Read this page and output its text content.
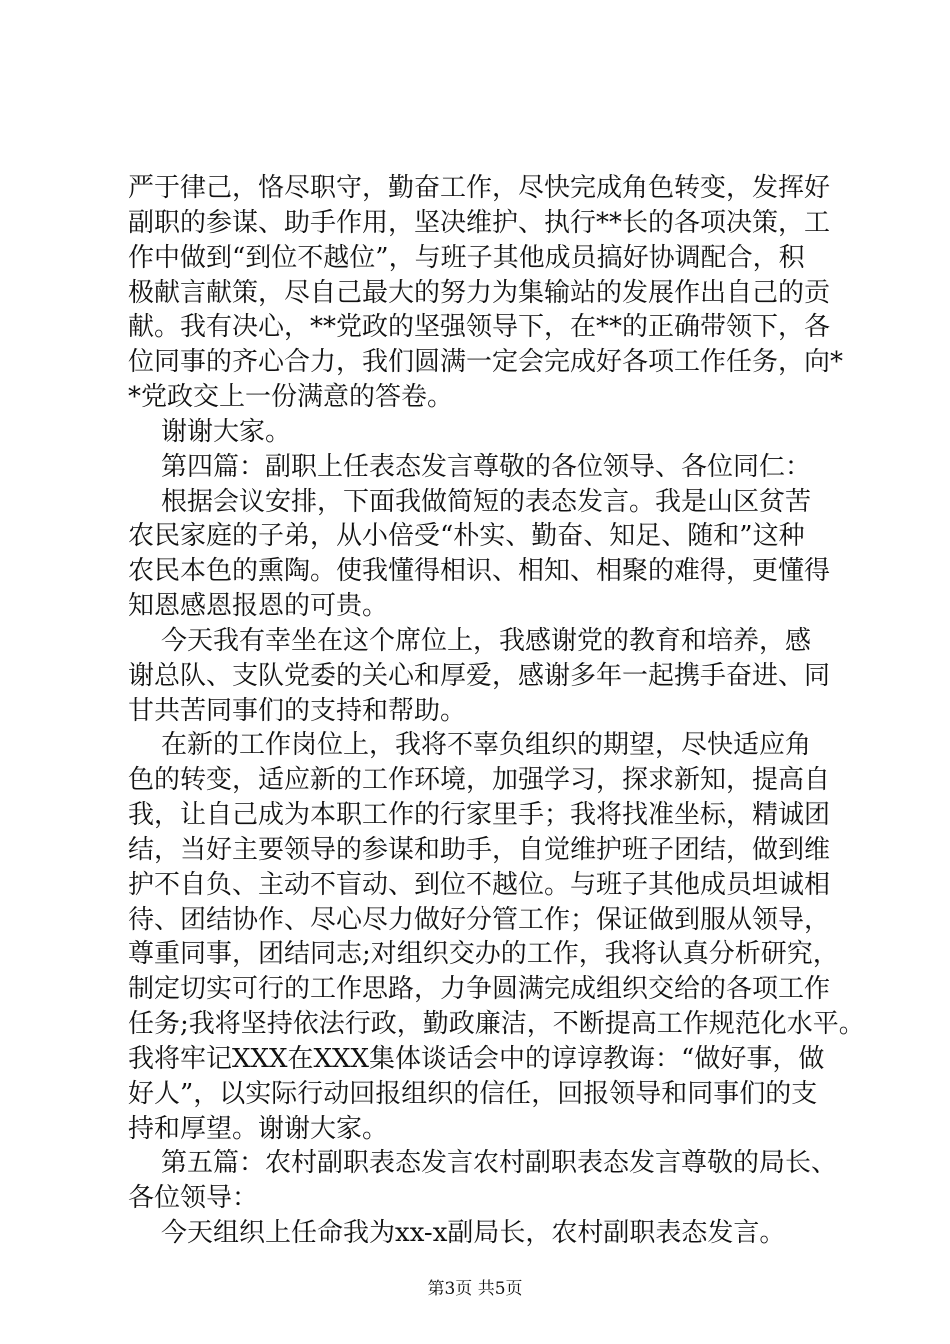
严于律己，恪尽职守，勤奋工作，尽快完成角色转变，发挥好
副职的参谋、助手作用，坚决维护、执行**长的各项决策，工
作中做到“到位不越位”，与班子其他成员搞好协调配合，积
极献言献策，尽自己最大的努力为集输站的发展作出自己的贡
献。我有决心，**党政的坚强领导下，在**的正确带领下，各
位同事的齐心合力，我们圆满一定会完成好各项工作任务，向*
*党政交上一份满意的答卷。
谢谢大家。
第四篇：副职上任表态发言尊敬的各位领导、各位同仁：
根据会议安排，下面我做简短的表态发言。我是山区贫苦
农民家庭的子弟，从小倍受“朴实、勤奋、知足、随和”这种
农民本色的熏陶。使我懂得相识、相知、相聚的难得，更懂得
知恩感恩报恩的可贵。
今天我有幸坐在这个席位上，我感谢党的教育和培养，感
谢总队、支队党委的关心和厚爱，感谢多年一起携手奋进、同
甘共苦同事们的支持和帮助。
在新的工作岗位上，我将不辜负组织的期望，尽快适应角
色的转变，适应新的工作环境，加强学习，探求新知，提高自
我，让自己成为本职工作的行家里手；我将找准坐标，精诚团
结，当好主要领导的参谋和助手，自觉维护班子团结，做到维
护不自负、主动不盲动、到位不越位。与班子其他成员坦诚相
待、团结协作、尽心尽力做好分管工作；保证做到服从领导，
尊重同事，团结同志;对组织交办的工作，我将认真分析研究，
制定切实可行的工作思路，力争圆满完成组织交给的各项工作
任务;我将坚持依法行政，勤政廉洁，不断提高工作规范化水平。
我将牢记XXX在XXX集体谈话会中的谆谆教诲：“做好事，做
好人”，以实际行动回报组织的信任，回报领导和同事们的支
持和厚望。谢谢大家。
第五篇：农村副职表态发言农村副职表态发言尊敬的局长、
各位领导：
今天组织上任命我为xx-x副局长，农村副职表态发言。
第3页 共5页
